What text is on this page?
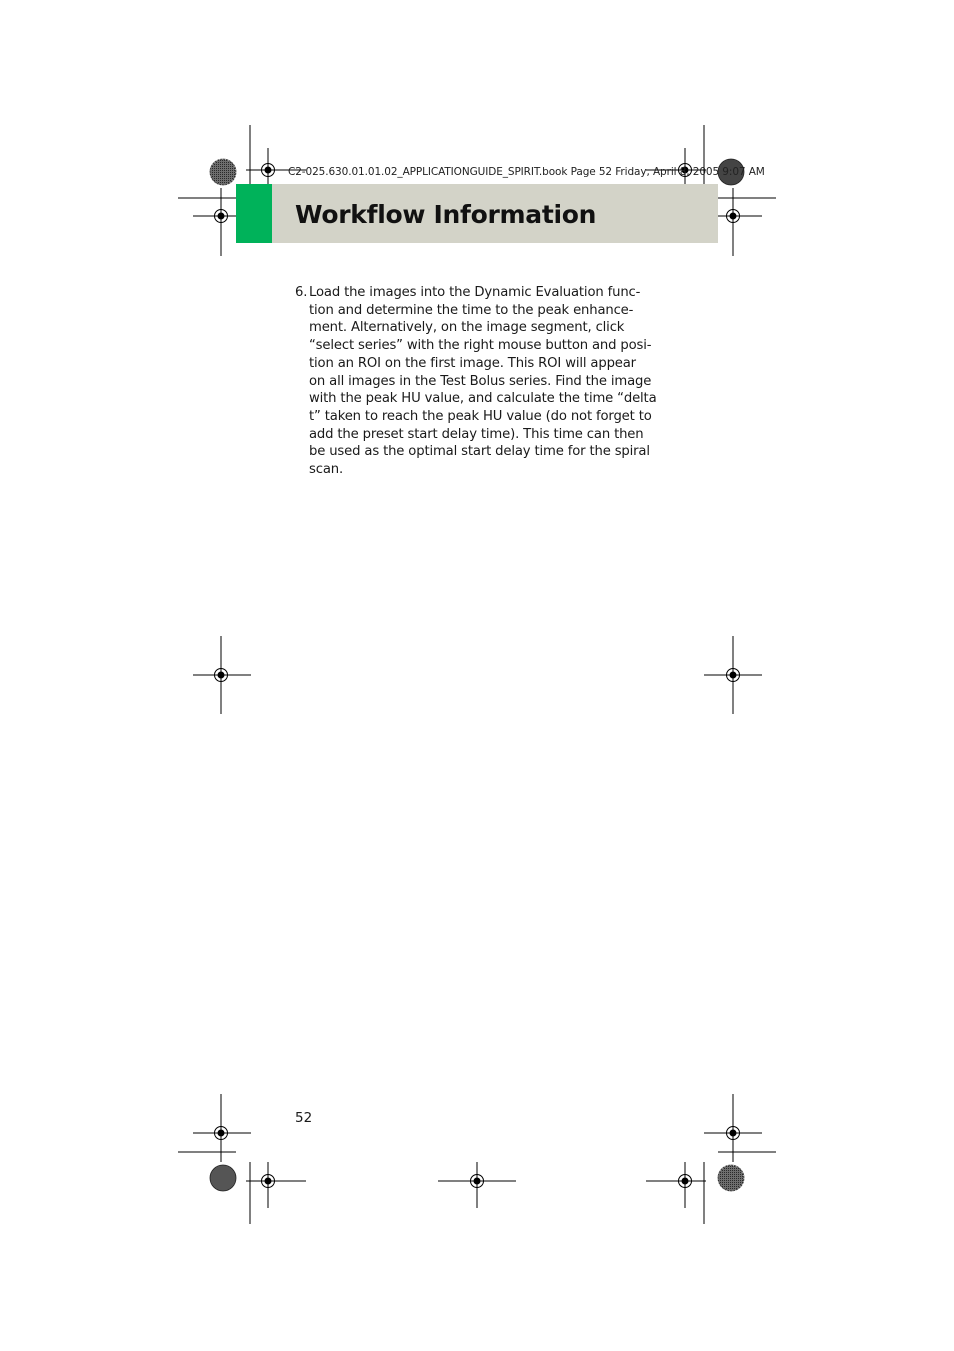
C2-025.630.01.01.02_APPLICATIONGUIDE_SPIRIT.book Page 52 Friday, April 8, 2005 9:07 AM
Workflow Information
6. Load the images into the Dynamic Evaluation func-
tion and determine the time to the peak enhance-
ment. Alternatively, on the image segment, click
“select series” with the right mouse button and posi-
tion an ROI on the first image. This ROI will appear
on all images in the Test Bolus series. Find the image
with the peak HU value, and calculate the time “delta
t” taken to reach the peak HU value (do not forget to
add the preset start delay time). This time can then
be used as the optimal start delay time for the spiral
scan.
52
